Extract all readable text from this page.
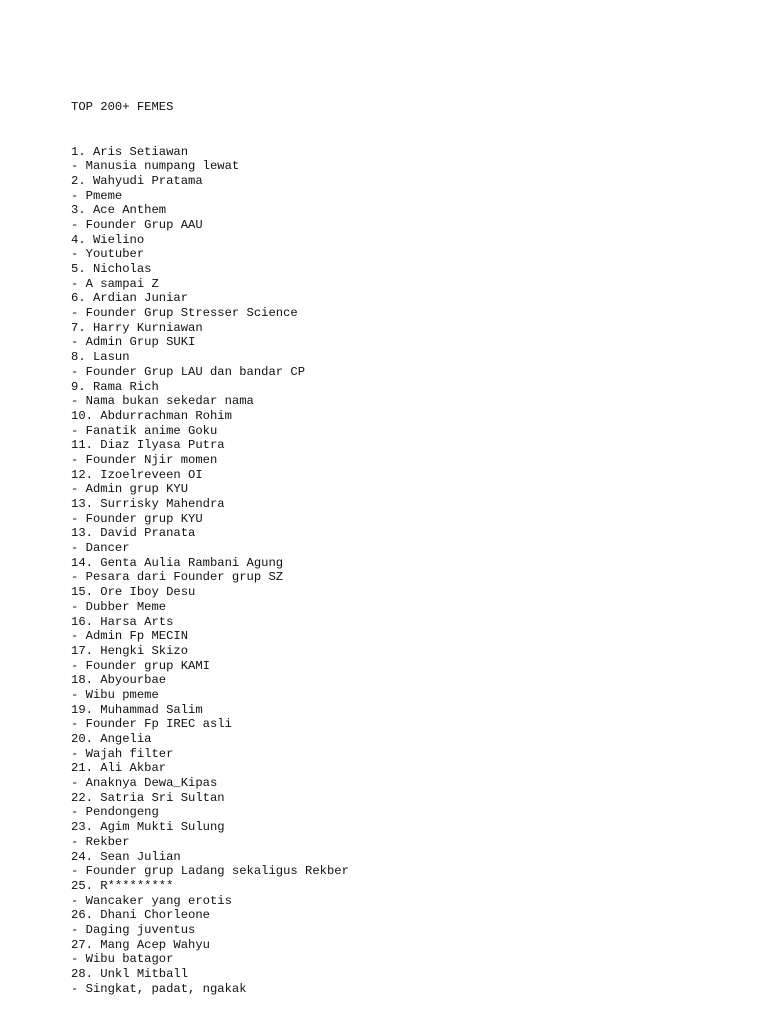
TOP 200+ FEMES

1. Aris Setiawan
- Manusia numpang lewat
2. Wahyudi Pratama
- Pmeme
3. Ace Anthem
- Founder Grup AAU
4. Wielino
- Youtuber
5. Nicholas
- A sampai Z
6. Ardian Juniar
- Founder Grup Stresser Science
7. Harry Kurniawan
- Admin Grup SUKI
8. Lasun
- Founder Grup LAU dan bandar CP
9. Rama Rich
- Nama bukan sekedar nama
10. Abdurrachman Rohim
- Fanatik anime Goku
11. Diaz Ilyasa Putra
- Founder Njir momen
12. Izoelreveen OI
- Admin grup KYU
13. Surrisky Mahendra
- Founder grup KYU
13. David Pranata
- Dancer
14. Genta Aulia Rambani Agung
- Pesara dari Founder grup SZ
15. Ore Iboy Desu
- Dubber Meme
16. Harsa Arts
- Admin Fp MECIN
17. Hengki Skizo
- Founder grup KAMI
18. Abyourbae
- Wibu pmeme
19. Muhammad Salim
- Founder Fp IREC asli
20. Angelia
- Wajah filter
21. Ali Akbar
- Anaknya Dewa_Kipas
22. Satria Sri Sultan
- Pendongeng
23. Agim Mukti Sulung
- Rekber
24. Sean Julian
- Founder grup Ladang sekaligus Rekber
25. R*********
- Wancaker yang erotis
26. Dhani Chorleone
- Daging juventus
27. Mang Acep Wahyu
- Wibu batagor
28. Unkl Mitball
- Singkat, padat, ngakak
